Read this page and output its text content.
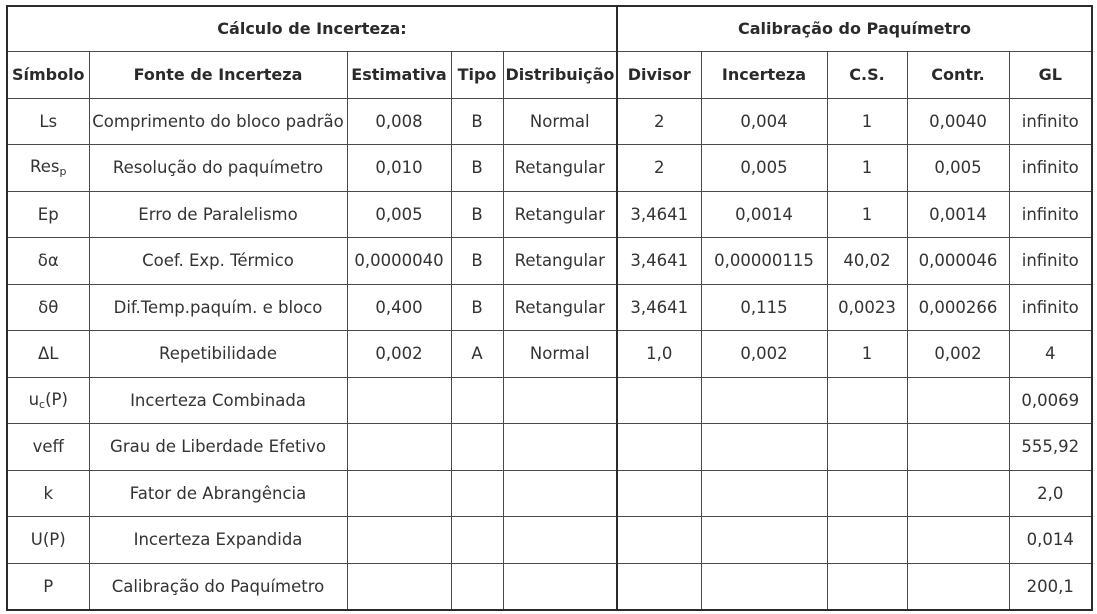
Cálculo de Incerteza:					Calibração do Paquímetro				
Símbolo	Fonte de Incerteza	Estimativa	Tipo	Distribuição	Divisor	Incerteza	C.S.	Contr.	GL
Ls	Comprimento do bloco padrão	0,008	B	Normal	2	0,004	1	0,0040	infinito
Res$_p$	Resolução do paquímetro	0,010	B	Retangular	2	0,005	1	0,005	infinito
Ep	Erro de Paralelismo	0,005	B	Retangular	3,4641	0,0014	1	0,0014	infinito
δα	Coef. Exp. Térmico	0,0000040	B	Retangular	3,4641	0,00000115	40,02	0,000046	infinito
δθ	Dif.Temp.paquím. e bloco	0,400	B	Retangular	3,4641	0,115	0,0023	0,000266	infinito
ΔL	Repetibilidade	0,002	A	Normal	1,0	0,002	1	0,002	4
$u_c(P)$	Incerteza Combinada								0,0069
veff	Grau de Liberdade Efetivo								555,92
k	Fator de Abrangência								2,0
U(P)	Incerteza Expandida								0,014
P	Calibração do Paquímetro								200,1
